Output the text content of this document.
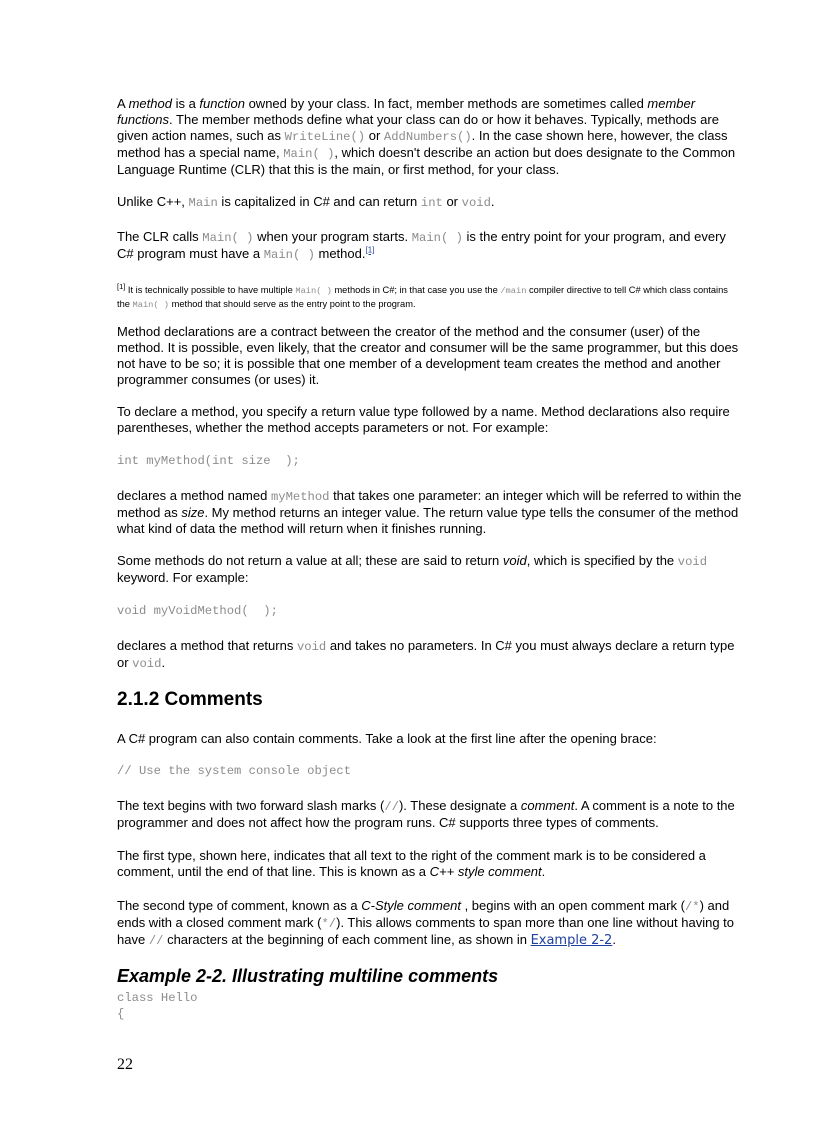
A method is a function owned by your class. In fact, member methods are sometimes called member functions. The member methods define what your class can do or how it behaves. Typically, methods are given action names, such as WriteLine() or AddNumbers(). In the case shown here, however, the class method has a special name, Main( ), which doesn't describe an action but does designate to the Common Language Runtime (CLR) that this is the main, or first method, for your class.

Unlike C++, Main is capitalized in C# and can return int or void.

The CLR calls Main( ) when your program starts. Main( ) is the entry point for your program, and every C# program must have a Main( ) method.[1]

[1] It is technically possible to have multiple Main( ) methods in C#; in that case you use the /main compiler directive to tell C# which class contains the Main( ) method that should serve as the entry point to the program.

Method declarations are a contract between the creator of the method and the consumer (user) of the method. It is possible, even likely, that the creator and consumer will be the same programmer, but this does not have to be so; it is possible that one member of a development team creates the method and another programmer consumes (or uses) it.

To declare a method, you specify a return value type followed by a name. Method declarations also require parentheses, whether the method accepts parameters or not. For example:

int myMethod(int size  );

declares a method named myMethod that takes one parameter: an integer which will be referred to within the method as size. My method returns an integer value. The return value type tells the consumer of the method what kind of data the method will return when it finishes running.

Some methods do not return a value at all; these are said to return void, which is specified by the void keyword. For example:

void myVoidMethod(  );

declares a method that returns void and takes no parameters. In C# you must always declare a return type or void.

2.1.2 Comments

A C# program can also contain comments. Take a look at the first line after the opening brace:

// Use the system console object

The text begins with two forward slash marks (//). These designate a comment. A comment is a note to the programmer and does not affect how the program runs. C# supports three types of comments.

The first type, shown here, indicates that all text to the right of the comment mark is to be considered a comment, until the end of that line. This is known as a C++ style comment.

The second type of comment, known as a C-Style comment , begins with an open comment mark (/*) and ends with a closed comment mark (*/). This allows comments to span more than one line without having to have // characters at the beginning of each comment line, as shown in Example 2-2.

Example 2-2. Illustrating multiline comments
class Hello
{
22
